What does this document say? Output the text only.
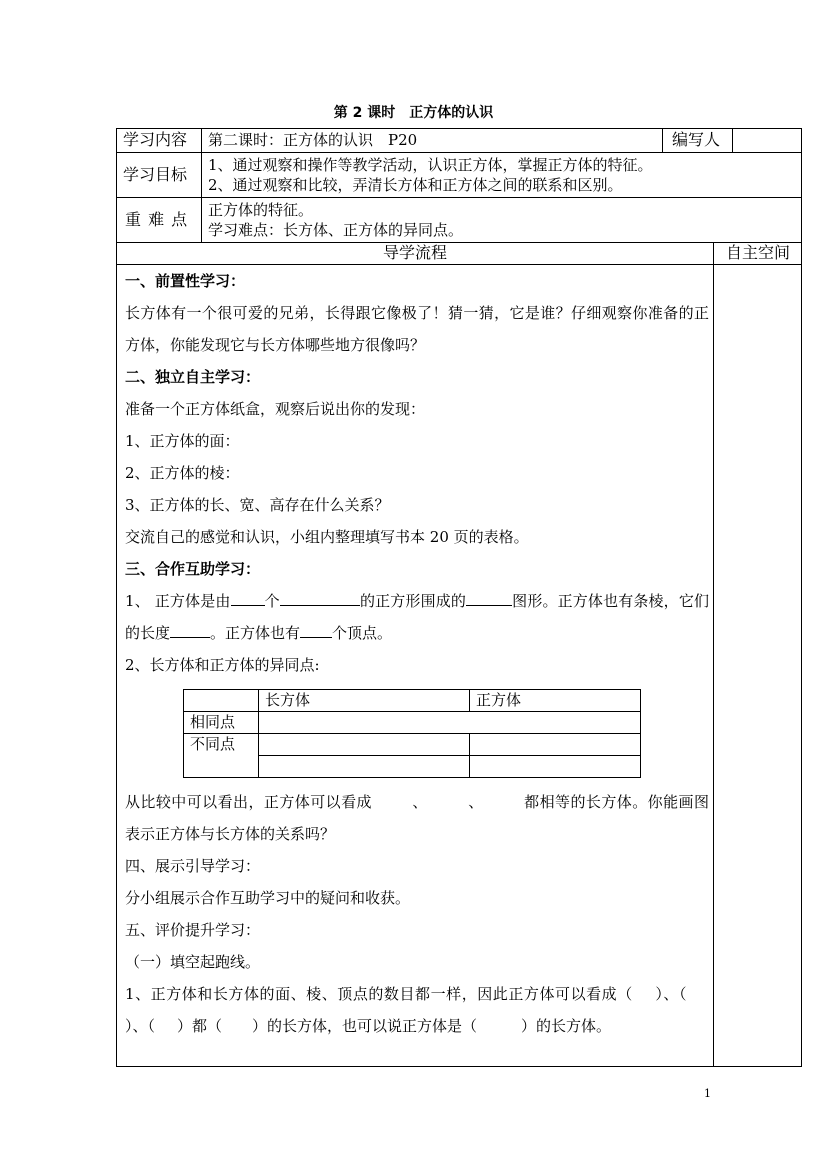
第 2 课时　正方体的认识
学习内容 第二课时：正方体的认识　P20	编写人
学习目标 1、通过观察和操作等教学活动，认识正方体，掌握正方体的特征。
2、通过观察和比较，弄清长方体和正方体之间的联系和区别。
重 难 点 正方体的特征。
学习难点：长方体、正方体的异同点。
导学流程	自主空间

一、前置性学习：

长方体有一个很可爱的兄弟，长得跟它像极了！猜一猜，它是谁？仔细观察你准备的正方体，你能发现它与长方体哪些地方很像吗？

二、独立自主学习：

准备一个正方体纸盒，观察后说出你的发现：

1、正方体的面：

2、正方体的棱：

3、正方体的长、宽、高存在什么关系？

交流自己的感觉和认识，小组内整理填写书本 20 页的表格。

三、合作互助学习：

1、 正方体是由 个	的正方形围成的	图形。正方体也有条棱，它们的长度	。正方体也有 个顶点。

2、长方体和正方体的异同点:

	长方体	正方体
相同点		
不同点		

从比较中可以看出，正方体可以看成	、	、	都相等的长方体。你能画图表示正方体与长方体的关系吗？

四、展示引导学习：

分小组展示合作互助学习中的疑问和收获。

五、评价提升学习：

（一）填空起跑线。

1、正方体和长方体的面、棱、顶点的数目都一样，因此正方体可以看成（ ）、（）、（ ）都（ ）的长方体，也可以说正方体是（	）的长方体。

1
